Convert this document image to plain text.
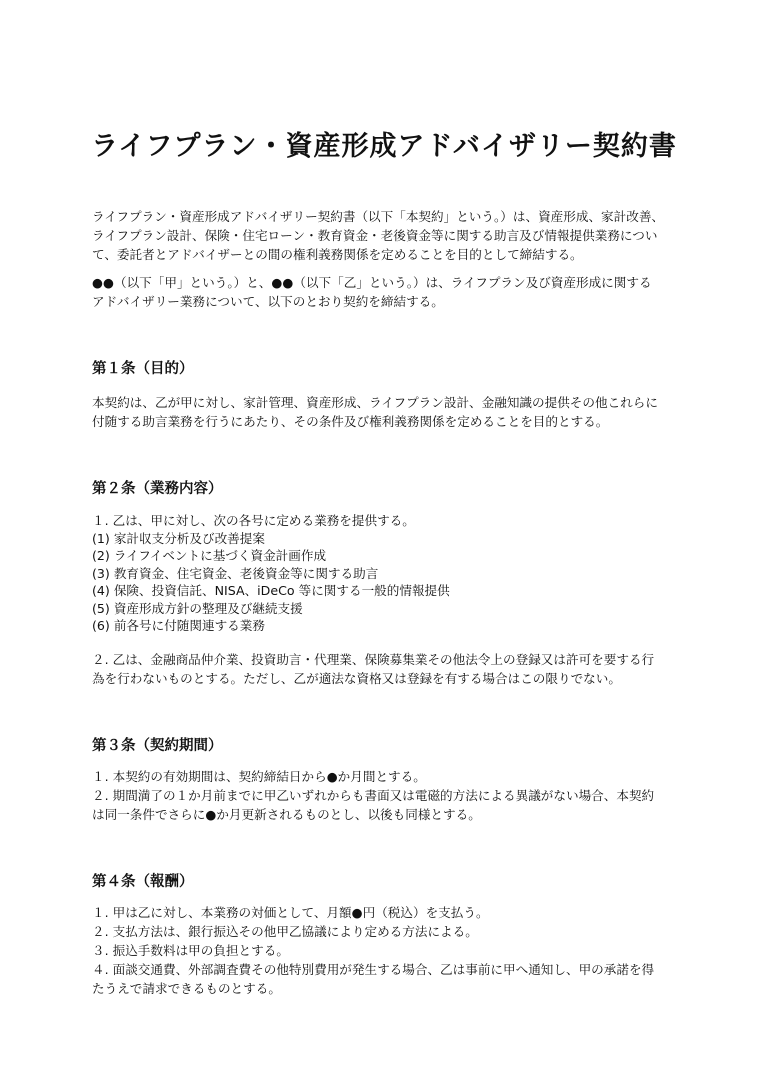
ライフプラン・資産形成アドバイザリー契約書

ライフプラン・資産形成アドバイザリー契約書（以下「本契約」という。）は、資産形成、家計改善、
ライフプラン設計、保険・住宅ローン・教育資金・老後資金等に関する助言及び情報提供業務につい
て、委託者とアドバイザーとの間の権利義務関係を定めることを目的として締結する。

●●（以下「甲」という。）と、●●（以下「乙」という。）は、ライフプラン及び資産形成に関する
アドバイザリー業務について、以下のとおり契約を締結する。

第１条（目的）

本契約は、乙が甲に対し、家計管理、資産形成、ライフプラン設計、金融知識の提供その他これらに
付随する助言業務を行うにあたり、その条件及び権利義務関係を定めることを目的とする。

第２条（業務内容）

１. 乙は、甲に対し、次の各号に定める業務を提供する。
(1) 家計収支分析及び改善提案
(2) ライフイベントに基づく資金計画作成
(3) 教育資金、住宅資金、老後資金等に関する助言
(4) 保険、投資信託、NISA、iDeCo 等に関する一般的情報提供
(5) 資産形成方針の整理及び継続支援
(6) 前各号に付随関連する業務

２. 乙は、金融商品仲介業、投資助言・代理業、保険募集業その他法令上の登録又は許可を要する行
為を行わないものとする。ただし、乙が適法な資格又は登録を有する場合はこの限りでない。

第３条（契約期間）

１. 本契約の有効期間は、契約締結日から●か月間とする。
２. 期間満了の１か月前までに甲乙いずれからも書面又は電磁的方法による異議がない場合、本契約
は同一条件でさらに●か月更新されるものとし、以後も同様とする。

第４条（報酬）

１. 甲は乙に対し、本業務の対価として、月額●円（税込）を支払う。
２. 支払方法は、銀行振込その他甲乙協議により定める方法による。
３. 振込手数料は甲の負担とする。
４. 面談交通費、外部調査費その他特別費用が発生する場合、乙は事前に甲へ通知し、甲の承諾を得
たうえで請求できるものとする。
